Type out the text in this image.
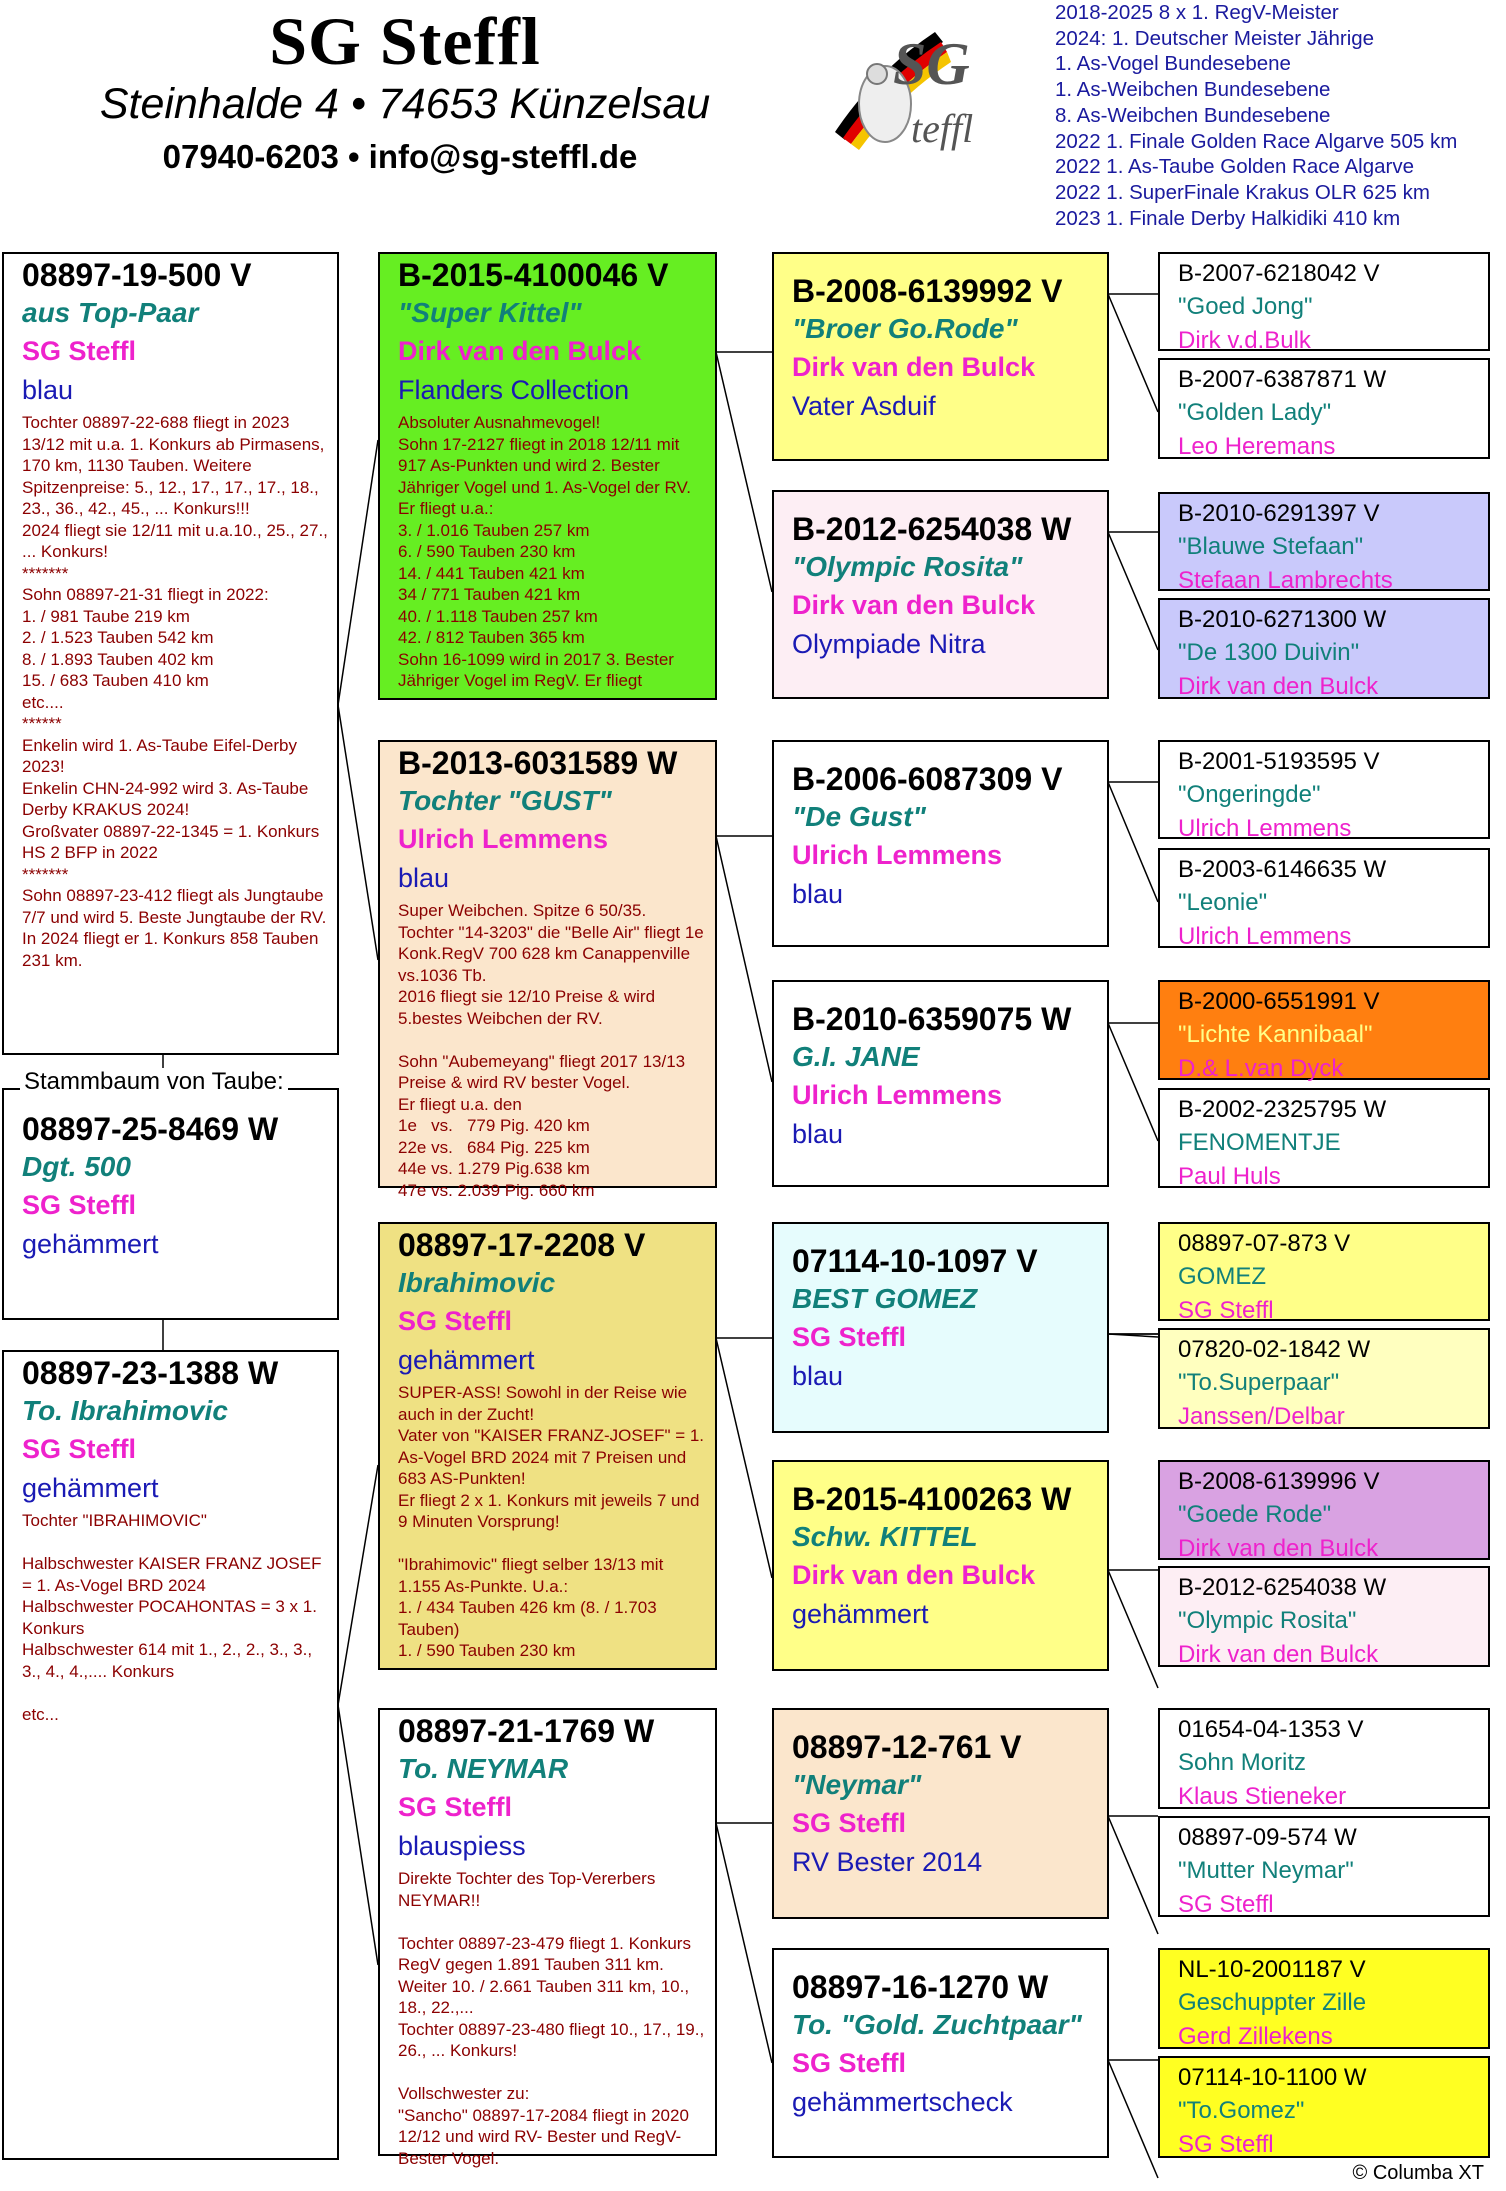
SG Steffl
Steinhalde 4 • 74653 Künzelsau
07940-6203 • info@sg-steffl.de
SG
teffl
2018-2025 8 x 1. RegV-Meister
2024: 1. Deutscher Meister Jährige
1. As-Vogel Bundesebene
1. As-Weibchen Bundesebene
8. As-Weibchen Bundesebene
2022 1. Finale Golden Race Algarve 505 km
2022 1. As-Taube Golden Race Algarve
2022 1. SuperFinale Krakus OLR 625 km
2023 1. Finale Derby Halkidiki 410 km
08897-19-500 V
aus Top-Paar
SG Steffl
blau
Tochter 08897-22-688 fliegt in 2023 13/12 mit u.a. 1. Konkurs ab Pirmasens, 170 km, 1130 Tauben. Weitere Spitzenpreise: 5., 12., 17., 17., 17., 18., 23., 36., 42., 45., ... Konkurs!!!
2024 fliegt sie 12/11 mit u.a.10., 25., 27., ... Konkurs!
*******
Sohn 08897-21-31 fliegt in 2022:
1. / 981 Taube 219 km
2. / 1.523 Tauben 542 km
8. / 1.893 Tauben 402 km
15. / 683 Tauben 410 km
etc....
******
Enkelin wird 1. As-Taube Eifel-Derby 2023!
Enkelin CHN-24-992 wird 3. As-Taube Derby KRAKUS 2024!
Großvater 08897-22-1345 = 1. Konkurs HS 2 BFP in 2022
*******
Sohn 08897-23-412 fliegt als Jungtaube 7/7 und wird 5. Beste Jungtaube der RV.
In 2024 fliegt er 1. Konkurs 858 Tauben 231 km.
08897-25-8469 W
Dgt. 500
SG Steffl
gehämmert
Stammbaum von Taube:
08897-23-1388 W
To. Ibrahimovic
SG Steffl
gehämmert
Tochter "IBRAHIMOVIC"

Halbschwester KAISER FRANZ JOSEF = 1. As-Vogel BRD 2024
Halbschwester POCAHONTAS = 3 x 1. Konkurs
Halbschwester 614 mit 1., 2., 2., 3., 3., 3., 4., 4.,.... Konkurs

etc...
B-2015-4100046 V
"Super Kittel"
Dirk van den Bulck
Flanders Collection
Absoluter Ausnahmevogel!
Sohn 17-2127 fliegt in 2018 12/11 mit 917 As-Punkten und wird 2. Bester Jähriger Vogel und 1. As-Vogel der RV. Er fliegt u.a.:
3. / 1.016 Tauben 257 km
6. / 590 Tauben 230 km
14. / 441 Tauben 421 km
34 / 771 Tauben 421 km
40. / 1.118 Tauben 257 km
42. / 812 Tauben 365 km
Sohn 16-1099 wird in 2017 3. Bester Jähriger Vogel im RegV. Er fliegt
B-2013-6031589 W
Tochter "GUST"
Ulrich Lemmens
blau
Super Weibchen. Spitze 6 50/35.
Tochter "14-3203" die "Belle Air" fliegt 1e Konk.RegV 700 628 km Canappenville vs.1036 Tb.
2016 fliegt sie 12/10 Preise & wird 5.bestes Weibchen der RV.

Sohn "Aubemeyang" fliegt 2017 13/13 Preise & wird RV bester Vogel.
Er fliegt u.a. den
1e   vs.   779 Pig. 420 km
22e vs.   684 Pig. 225 km
44e vs. 1.279 Pig.638 km
47e vs. 2.039 Pig. 660 km
08897-17-2208 V
Ibrahimovic
SG Steffl
gehämmert
SUPER-ASS! Sowohl in der Reise wie auch in der Zucht!
Vater von "KAISER FRANZ-JOSEF" = 1. As-Vogel BRD 2024 mit 7 Preisen und 683 AS-Punkten!
Er fliegt 2 x 1. Konkurs mit jeweils 7 und 9 Minuten Vorsprung!

"Ibrahimovic" fliegt selber 13/13 mit 1.155 As-Punkte. U.a.:
1. / 434 Tauben 426 km (8. / 1.703 Tauben)
1. / 590 Tauben 230 km
08897-21-1769 W
To. NEYMAR
SG Steffl
blauspiess
Direkte Tochter des Top-Vererbers NEYMAR!!

Tochter 08897-23-479 fliegt 1. Konkurs RegV gegen 1.891 Tauben 311 km. Weiter 10. / 2.661 Tauben 311 km, 10., 18., 22.,...
Tochter 08897-23-480 fliegt 10., 17., 19., 26., ... Konkurs!

Vollschwester zu:
"Sancho" 08897-17-2084 fliegt in 2020 12/12 und wird RV- Bester und RegV-Bester Vogel.
B-2008-6139992 V
"Broer Go.Rode"
Dirk van den Bulck
Vater Asduif
B-2012-6254038 W
"Olympic Rosita"
Dirk van den Bulck
Olympiade Nitra
B-2006-6087309 V
"De Gust"
Ulrich Lemmens
blau
B-2010-6359075 W
G.I. JANE
Ulrich Lemmens
blau
07114-10-1097 V
BEST GOMEZ
SG Steffl
blau
B-2015-4100263 W
Schw. KITTEL
Dirk van den Bulck
gehämmert
08897-12-761 V
"Neymar"
SG Steffl
RV Bester 2014
08897-16-1270 W
To. "Gold. Zuchtpaar"
SG Steffl
gehämmertscheck
B-2007-6218042 V
"Goed Jong"
Dirk v.d.Bulk
B-2007-6387871 W
"Golden Lady"
Leo Heremans
B-2010-6291397 V
"Blauwe Stefaan"
Stefaan Lambrechts
B-2010-6271300 W
"De 1300 Duivin"
Dirk van den Bulck
B-2001-5193595 V
"Ongeringde"
Ulrich Lemmens
B-2003-6146635 W
"Leonie"
Ulrich Lemmens
B-2000-6551991 V
"Lichte Kannibaal"
D.& L.van Dyck
B-2002-2325795 W
FENOMENTJE
Paul Huls
08897-07-873 V
GOMEZ
SG Steffl
07820-02-1842 W
"To.Superpaar"
Janssen/Delbar
B-2008-6139996 V
"Goede Rode"
Dirk van den Bulck
B-2012-6254038 W
"Olympic Rosita"
Dirk van den Bulck
01654-04-1353 V
Sohn Moritz
Klaus Stieneker
08897-09-574 W
"Mutter Neymar"
SG Steffl
NL-10-2001187 V
Geschuppter Zille
Gerd Zillekens
07114-10-1100 W
"To.Gomez"
SG Steffl
© Columba XT
